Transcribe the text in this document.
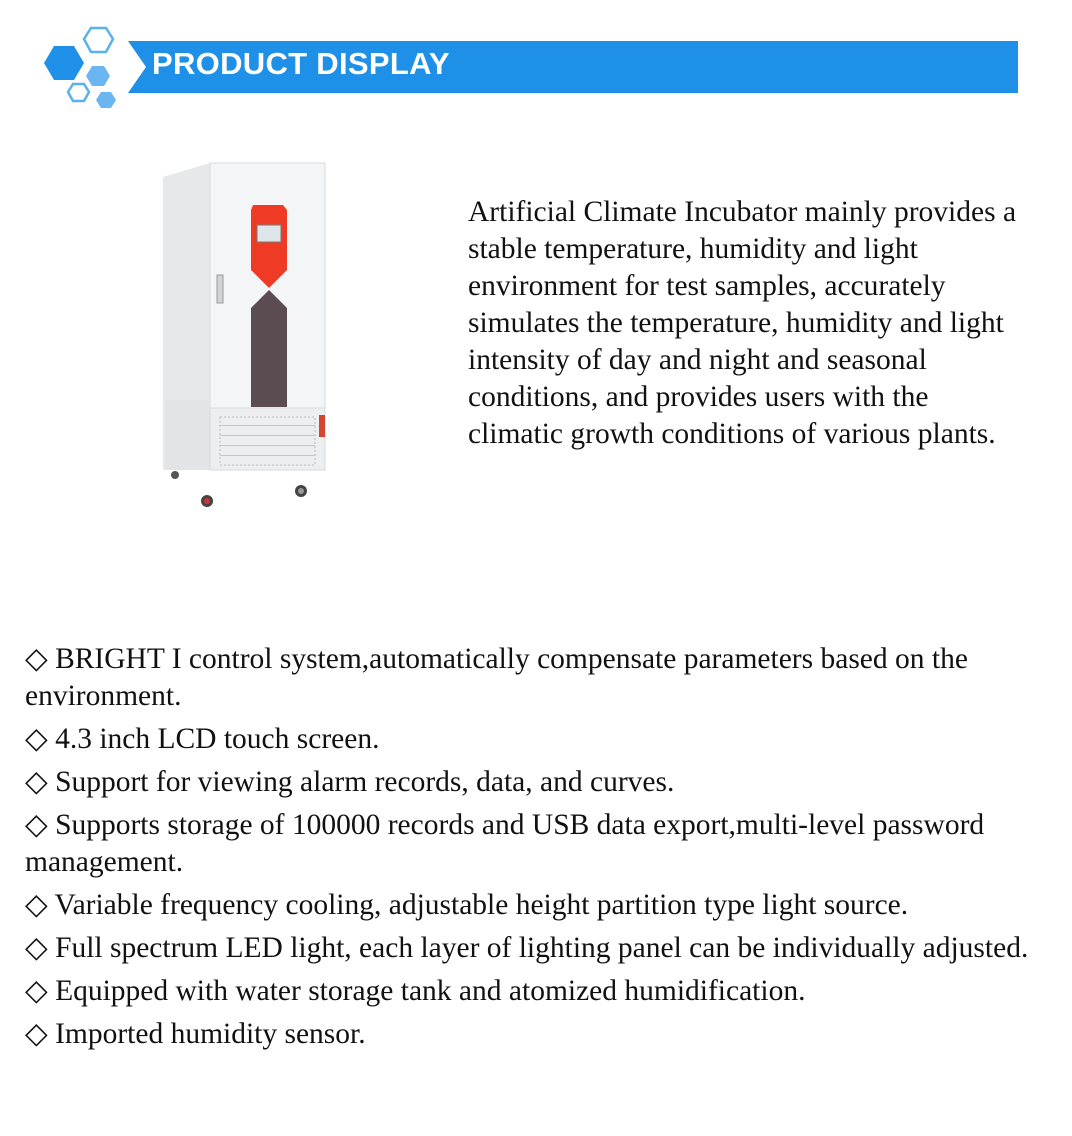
PRODUCT DISPLAY

Artificial Climate Incubator mainly provides a stable temperature, humidity and light environment for test samples, accurately simulates the temperature, humidity and light intensity of day and night and seasonal conditions, and provides users with the climatic growth conditions of various plants.

◇ BRIGHT I control system,automatically compensate parameters based on the environment.
◇ 4.3 inch LCD touch screen.
◇ Support for viewing alarm records, data, and curves.
◇ Supports storage of 100000 records and USB data export,multi-level password management.
◇ Variable frequency cooling, adjustable height partition type light source.
◇ Full spectrum LED light, each layer of lighting panel can be individually adjusted.
◇ Equipped with water storage tank and atomized humidification.
◇ Imported humidity sensor.
